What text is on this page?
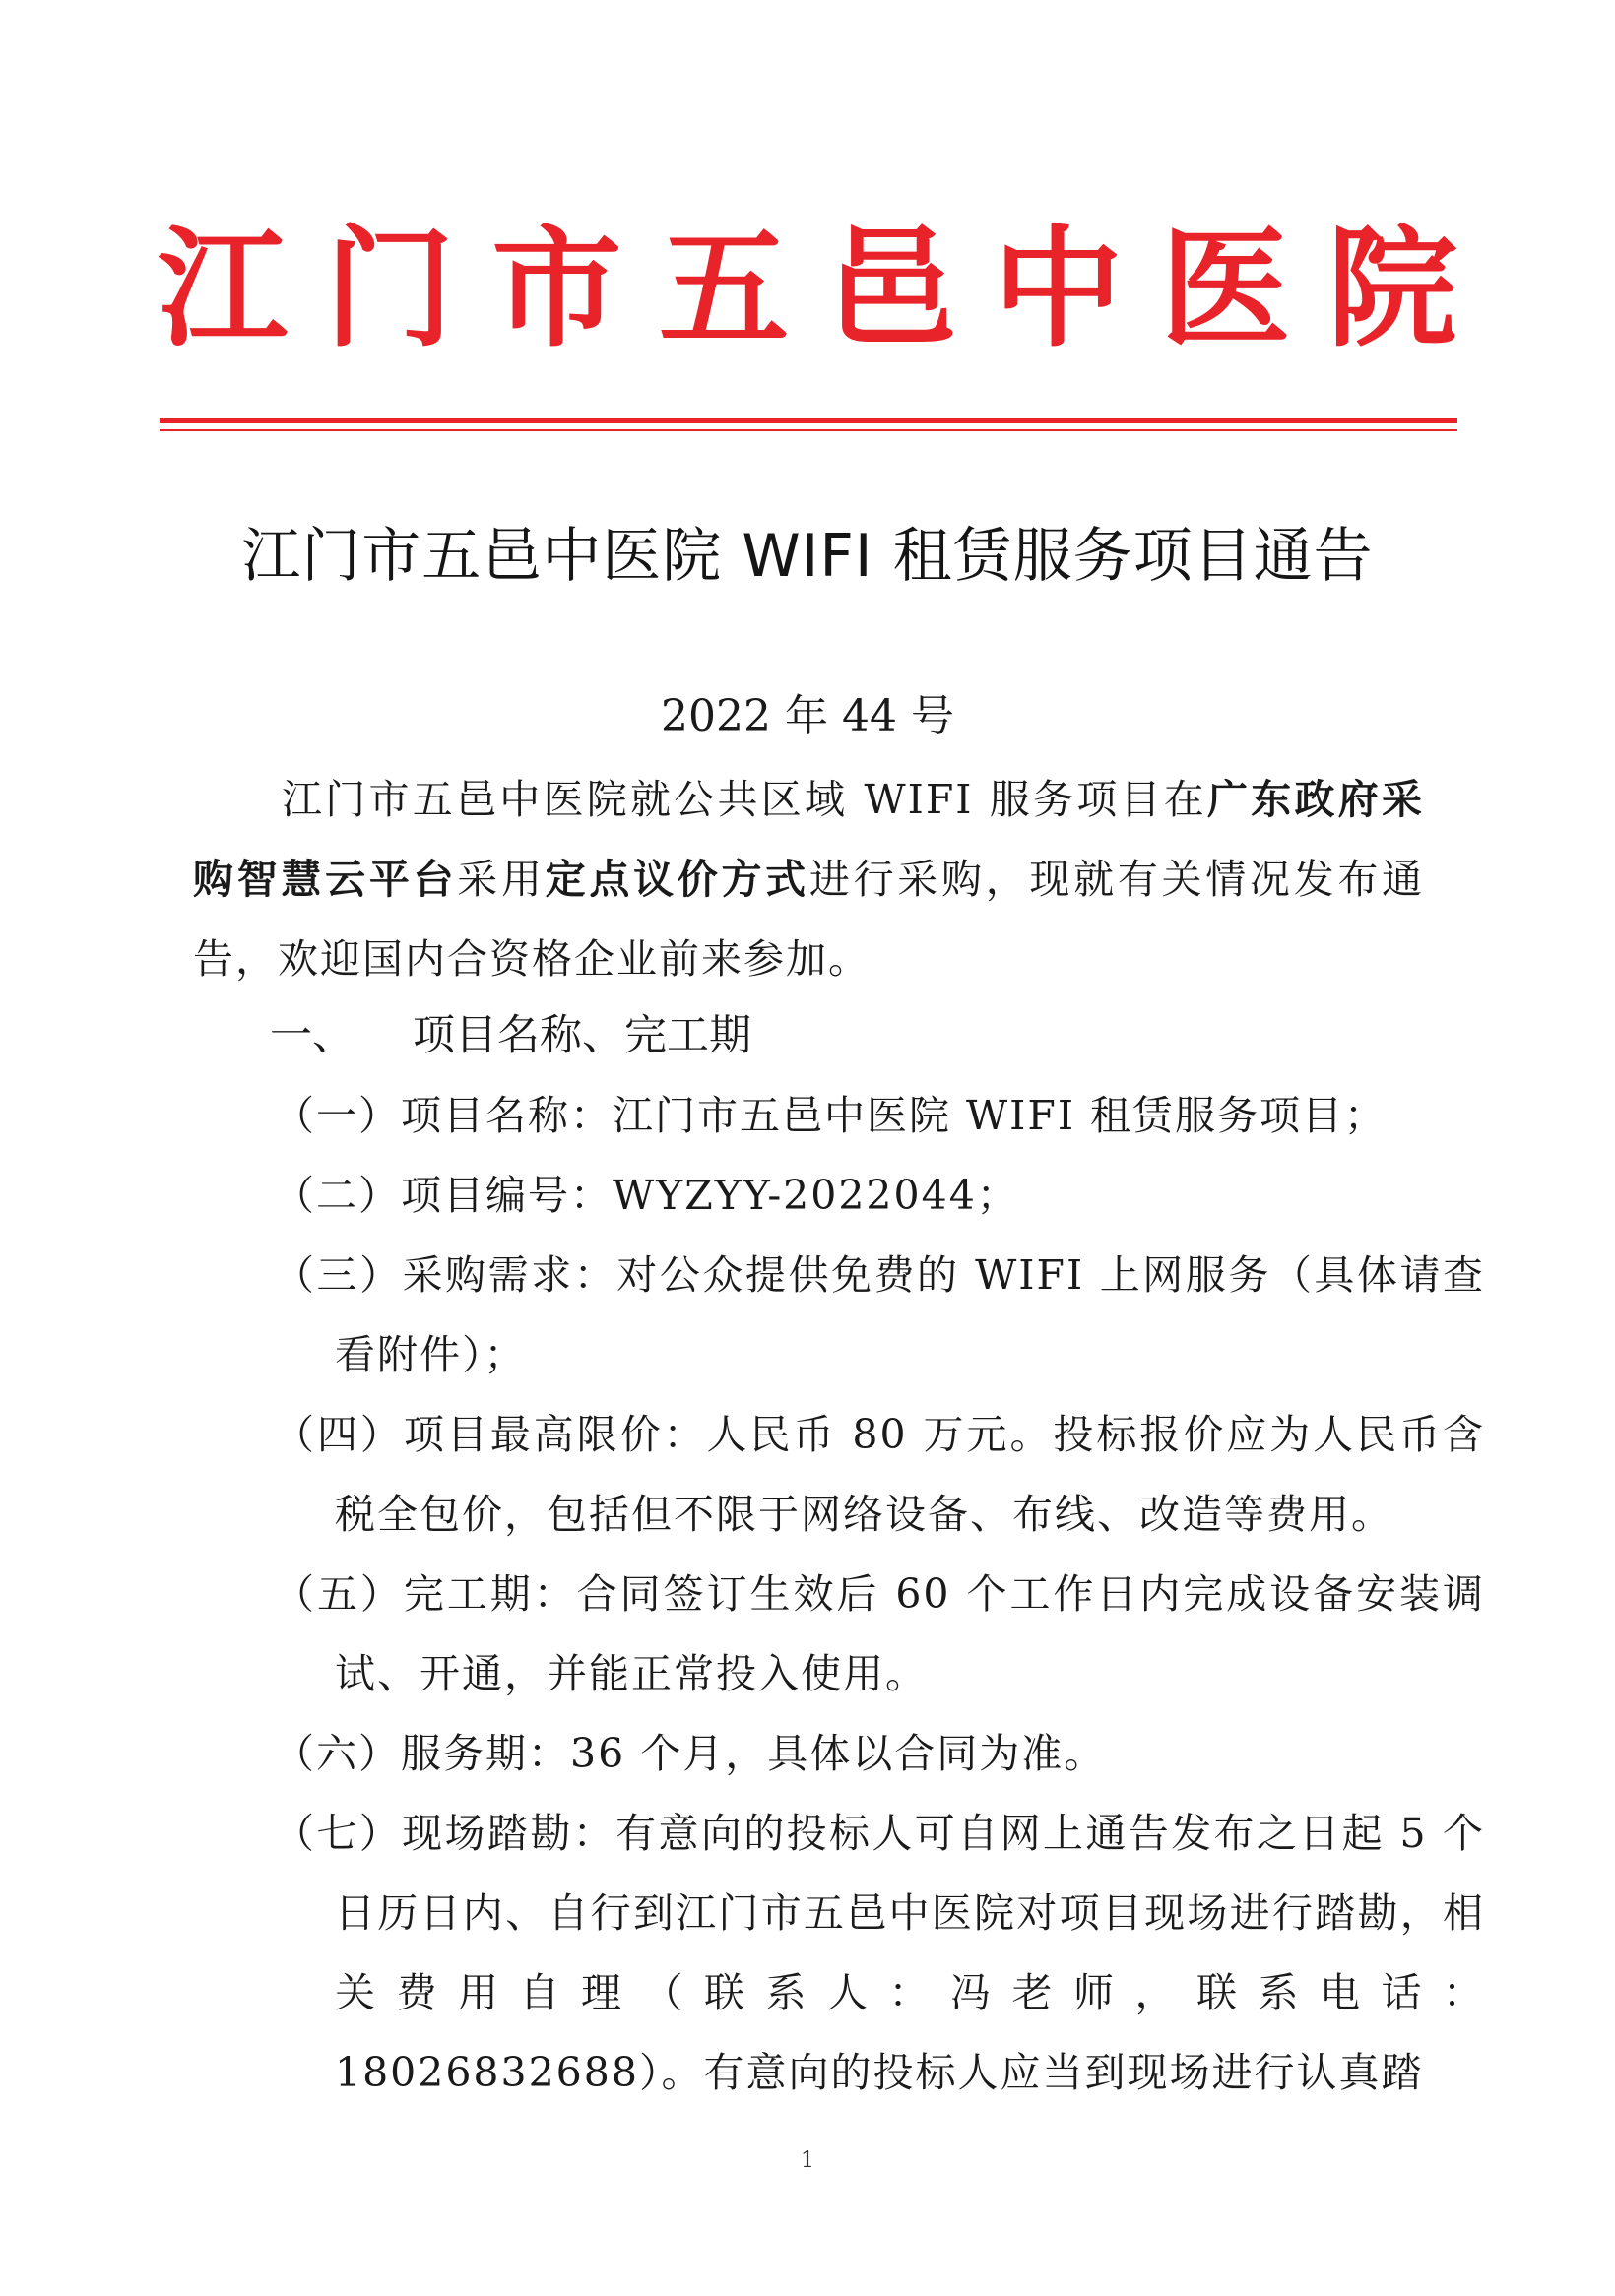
江 门 市 五 邑 中 医 院
江门市五邑中医院 WIFI 租赁服务项目通告
2022 年 44 号
江门市五邑中医院就公共区域 WIFI 服务项目在广东政府采购智慧云平台采用定点议价方式进行采购，现就有关情况发布通告，欢迎国内合资格企业前来参加。
一、 项目名称、完工期
（一）项目名称：江门市五邑中医院 WIFI 租赁服务项目；
（二）项目编号：WYZYY-2022044；
（三）采购需求：对公众提供免费的 WIFI 上网服务（具体请查看附件）；
（四）项目最高限价：人民币 80 万元。投标报价应为人民币含税全包价，包括但不限于网络设备、布线、改造等费用。
（五）完工期：合同签订生效后 60 个工作日内完成设备安装调试、开通，并能正常投入使用。
（六）服务期：36 个月，具体以合同为准。
（七）现场踏勘：有意向的投标人可自网上通告发布之日起 5 个日历日内、自行到江门市五邑中医院对项目现场进行踏勘，相关费用自理（联系人：冯老师，联系电话：18026832688）。有意向的投标人应当到现场进行认真踏
1
